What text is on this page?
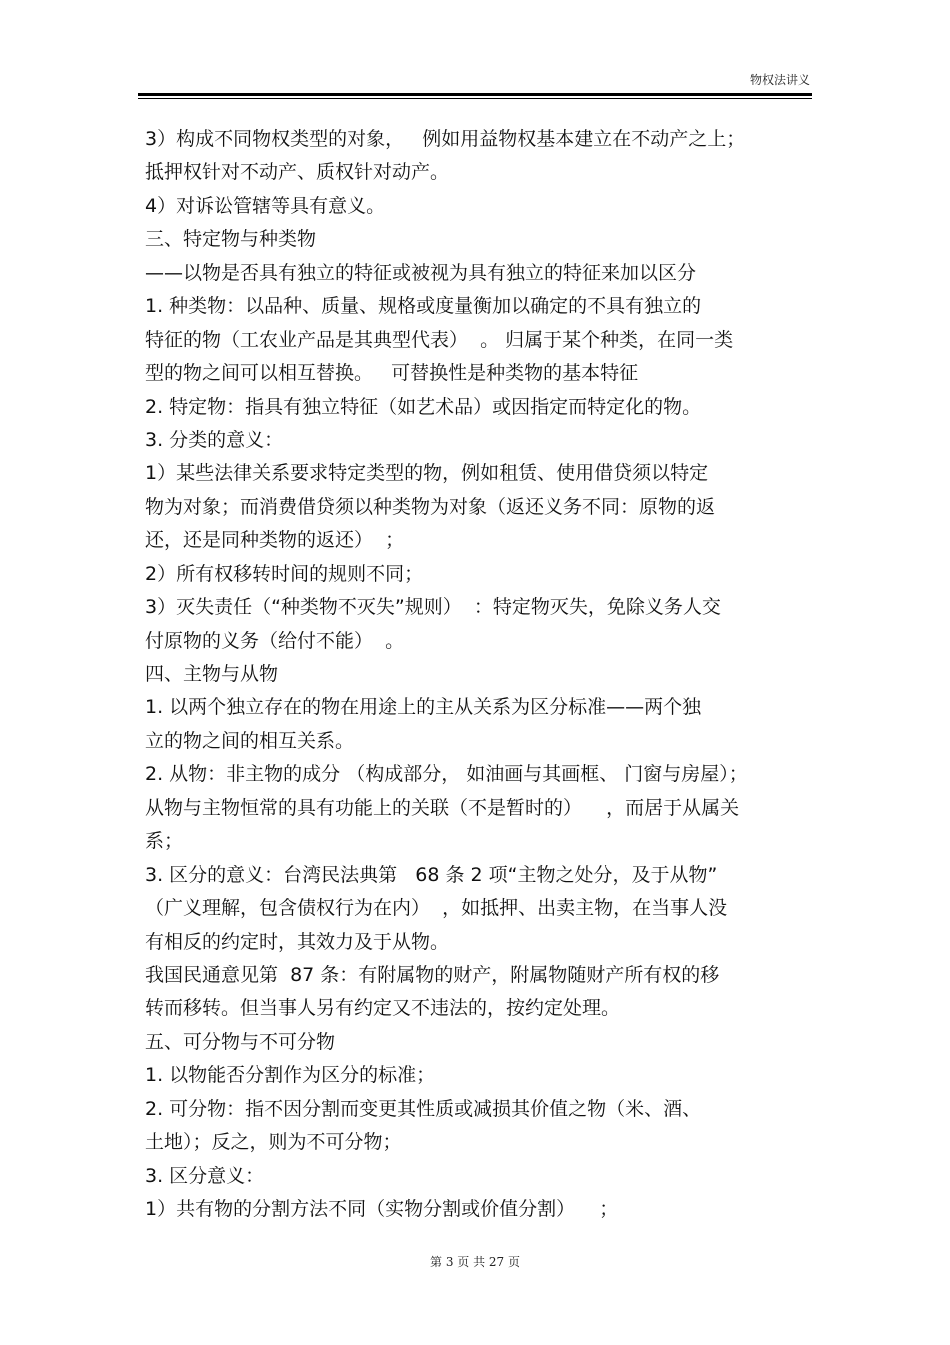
物权法讲义
3）构成不同物权类型的对象，   例如用益物权基本建立在不动产之上；
抵押权针对不动产、质权针对动产。
4）对诉讼管辖等具有意义。
三、特定物与种类物
——以物是否具有独立的特征或被视为具有独立的特征来加以区分
1. 种类物：以品种、质量、规格或度量衡加以确定的不具有独立的
特征的物（工农业产品是其典型代表）  。 归属于某个种类，在同一类
型的物之间可以相互替换。   可替换性是种类物的基本特征
2. 特定物：指具有独立特征（如艺术品）或因指定而特定化的物。
3. 分类的意义：
1）某些法律关系要求特定类型的物，例如租赁、使用借贷须以特定
物为对象；而消费借贷须以种类物为对象（返还义务不同：原物的返
还，还是同种类物的返还）  ；
2）所有权移转时间的规则不同；
3）灭失责任（“种类物不灭失”规则）  ：特定物灭失，免除义务人交
付原物的义务（给付不能）  。
四、主物与从物
1. 以两个独立存在的物在用途上的主从关系为区分标准——两个独
立的物之间的相互关系。
2. 从物：非主物的成分 （构成部分， 如油画与其画框、 门窗与房屋）；
从物与主物恒常的具有功能上的关联（不是暂时的）    ，而居于从属关
系；
3. 区分的意义：台湾民法典第   68 条 2 项“主物之处分，及于从物”
（广义理解，包含债权行为在内）  ，如抵押、出卖主物，在当事人没
有相反的约定时，其效力及于从物。
我国民通意见第  87 条：有附属物的财产，附属物随财产所有权的移
转而移转。但当事人另有约定又不违法的，按约定处理。
五、可分物与不可分物
1. 以物能否分割作为区分的标准；
2. 可分物：指不因分割而变更其性质或减损其价值之物（米、酒、
土地）；反之，则为不可分物；
3. 区分意义：
1）共有物的分割方法不同（实物分割或价值分割）    ；
第 3 页 共 27 页
